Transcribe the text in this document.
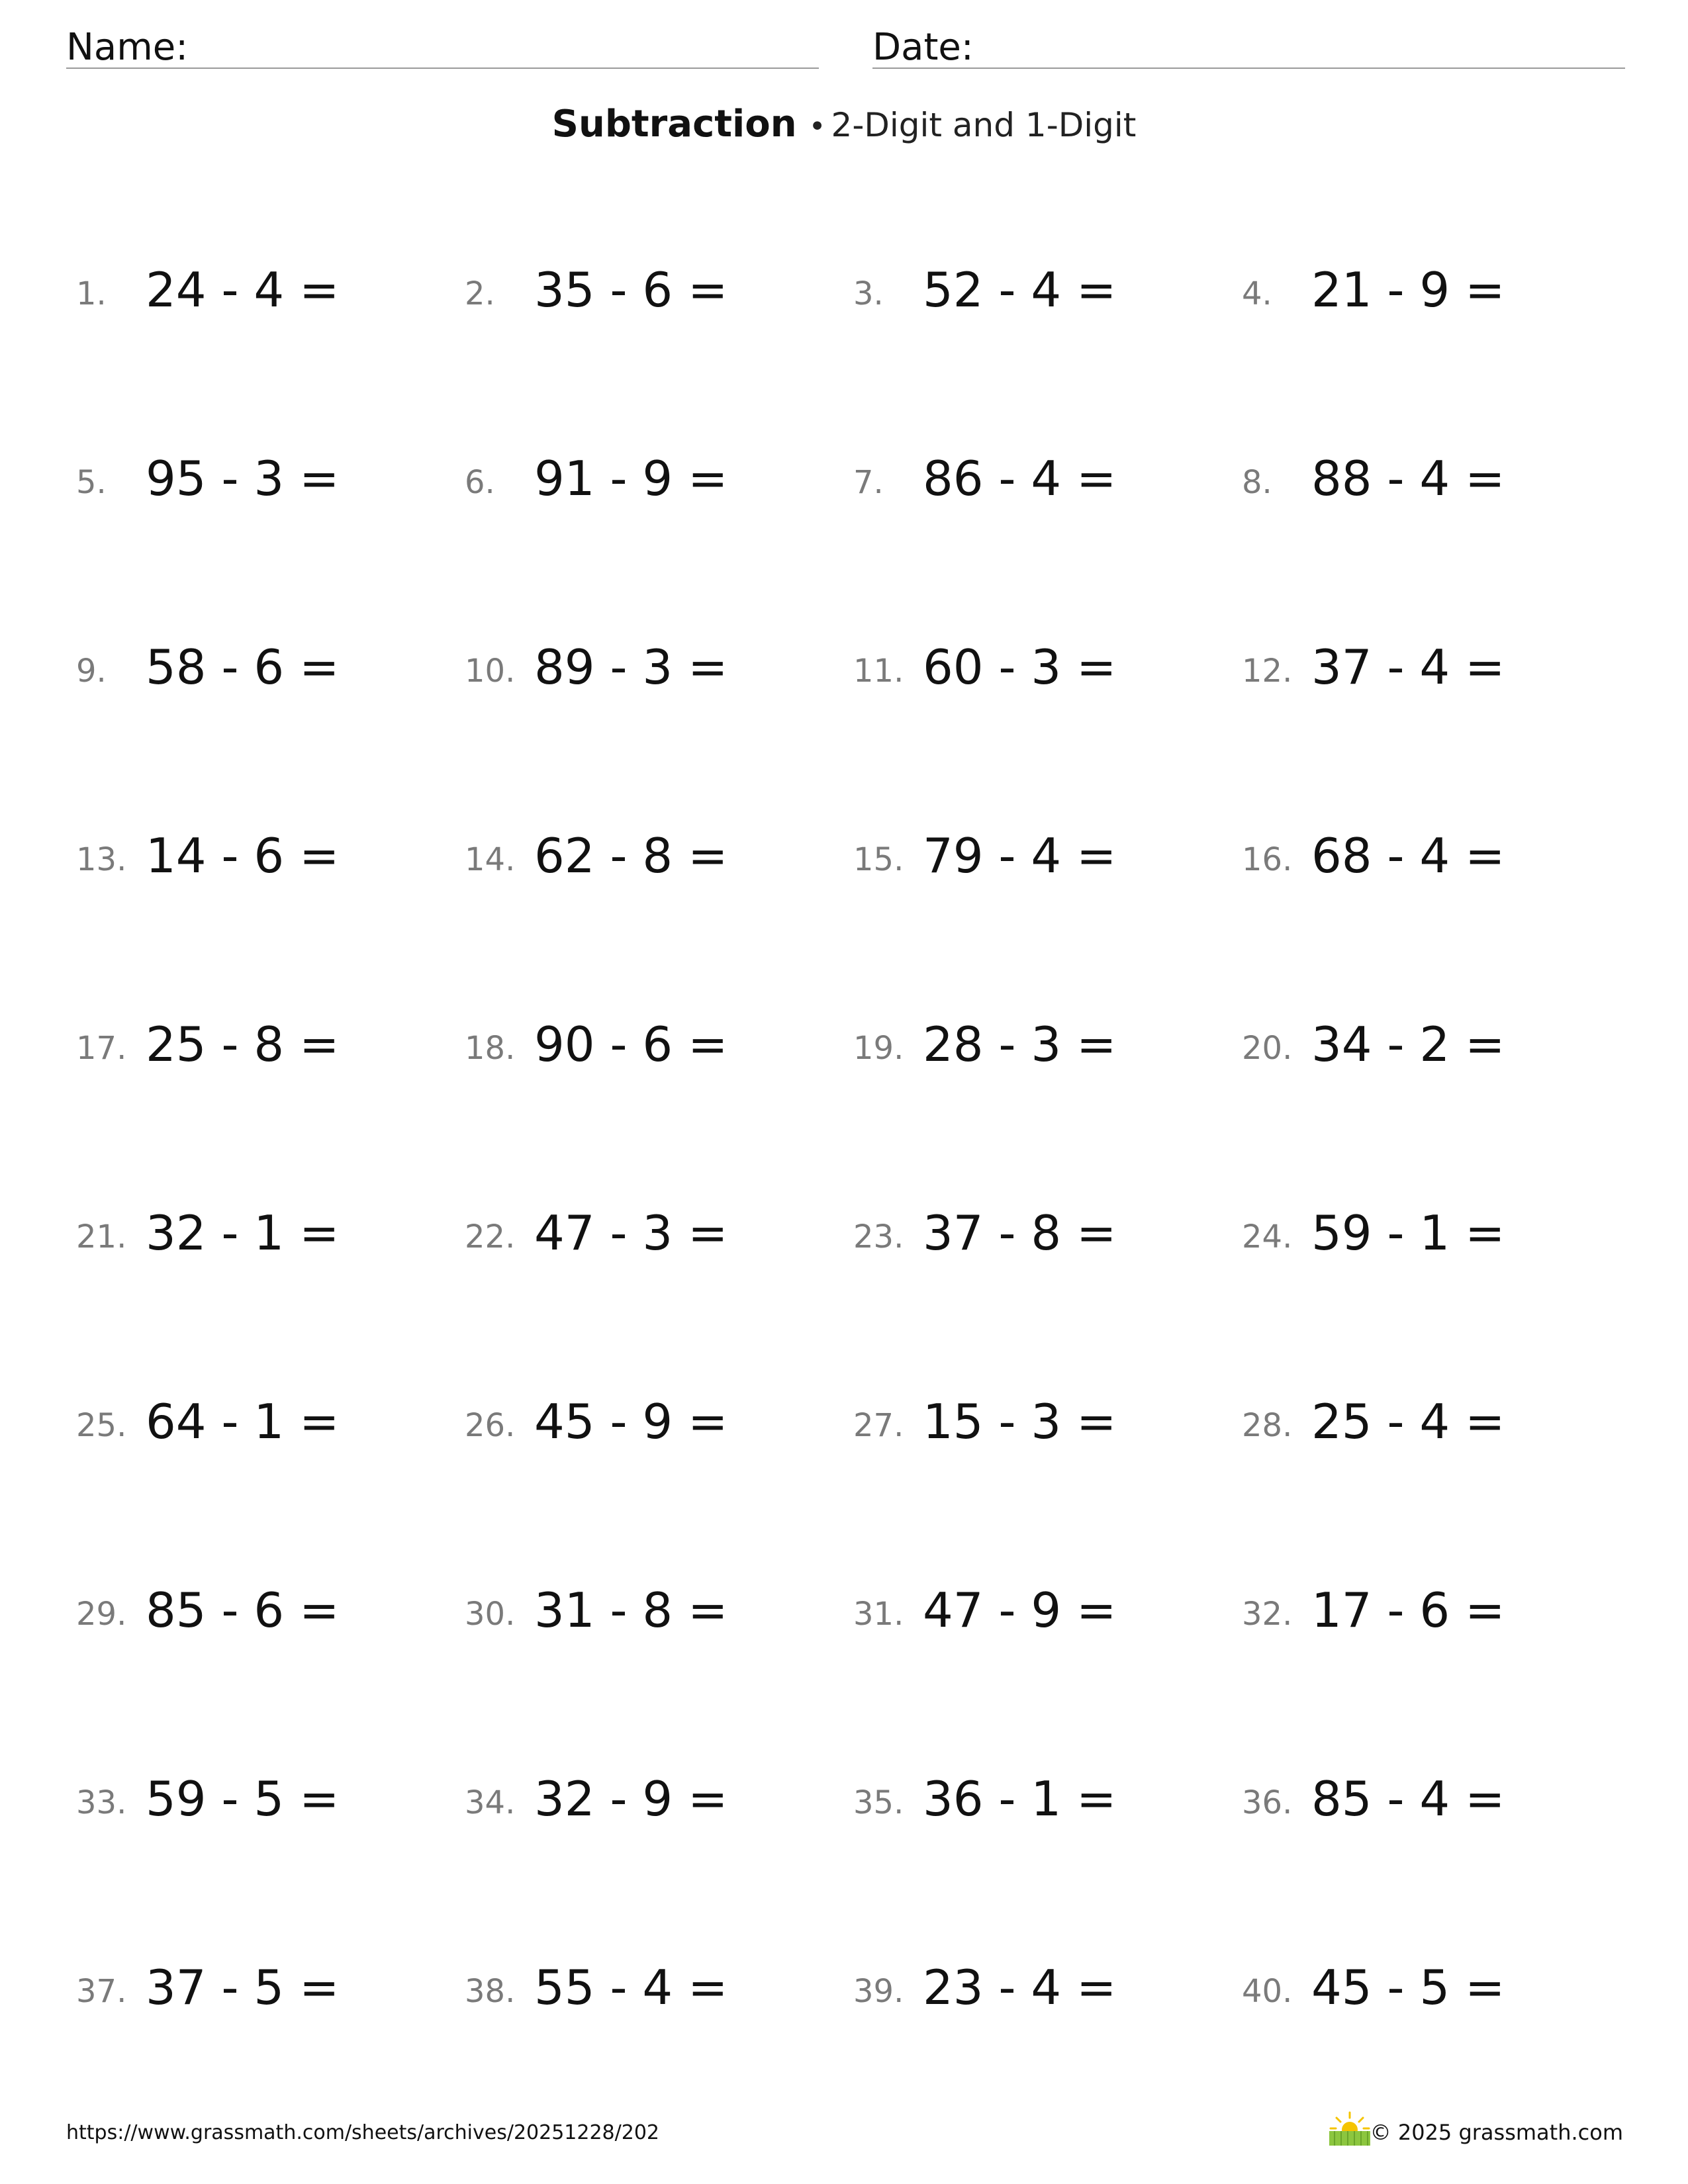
Name:	Date:
Subtraction • 2-Digit and 1-Digit
1. 24 - 4 =	2. 35 - 6 =	3. 52 - 4 =	4. 21 - 9 =
5. 95 - 3 =	6. 91 - 9 =	7. 86 - 4 =	8. 88 - 4 =
9. 58 - 6 =	10. 89 - 3 =	11. 60 - 3 =	12. 37 - 4 =
13. 14 - 6 =	14. 62 - 8 =	15. 79 - 4 =	16. 68 - 4 =
17. 25 - 8 =	18. 90 - 6 =	19. 28 - 3 =	20. 34 - 2 =
21. 32 - 1 =	22. 47 - 3 =	23. 37 - 8 =	24. 59 - 1 =
25. 64 - 1 =	26. 45 - 9 =	27. 15 - 3 =	28. 25 - 4 =
29. 85 - 6 =	30. 31 - 8 =	31. 47 - 9 =	32. 17 - 6 =
33. 59 - 5 =	34. 32 - 9 =	35. 36 - 1 =	36. 85 - 4 =
37. 37 - 5 =	38. 55 - 4 =	39. 23 - 4 =	40. 45 - 5 =
https://www.grassmath.com/sheets/archives/20251228/202	© 2025 grassmath.com
